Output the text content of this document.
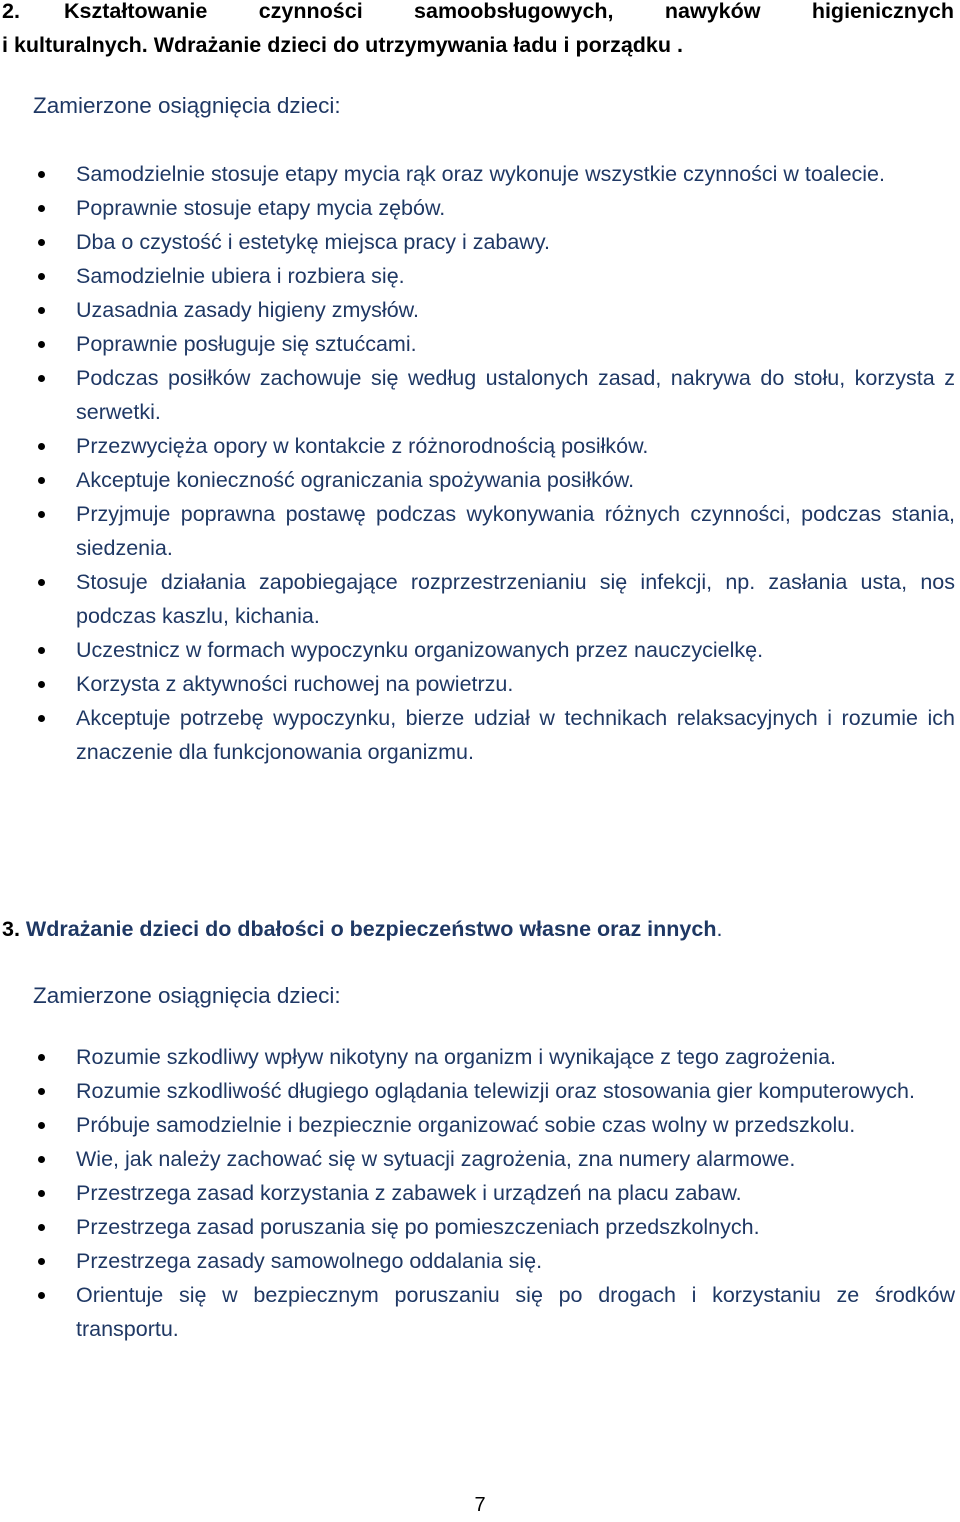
2. Kształtowanie czynności samoobsługowych, nawyków higienicznych
i kulturalnych. Wdrażanie dzieci do utrzymywania ładu i porządku .
Zamierzone osiągnięcia dzieci:
Samodzielnie stosuje etapy mycia rąk oraz wykonuje wszystkie czynności w toalecie.
Poprawnie stosuje etapy mycia zębów.
Dba o czystość i estetykę miejsca pracy i zabawy.
Samodzielnie ubiera i rozbiera się.
Uzasadnia zasady higieny zmysłów.
Poprawnie posługuje się sztućcami.
Podczas posiłków zachowuje się według ustalonych zasad, nakrywa do stołu, korzysta z serwetki.
Przezwycięża opory w kontakcie z różnorodnością posiłków.
Akceptuje konieczność ograniczania spożywania posiłków.
Przyjmuje poprawna postawę podczas wykonywania różnych czynności, podczas stania, siedzenia.
Stosuje działania zapobiegające rozprzestrzenianiu się infekcji, np. zasłania usta, nos podczas kaszlu, kichania.
Uczestnicz w formach wypoczynku organizowanych przez nauczycielkę.
Korzysta z aktywności ruchowej na powietrzu.
Akceptuje potrzebę wypoczynku, bierze udział w technikach relaksacyjnych i rozumie ich znaczenie dla funkcjonowania organizmu.
3. Wdrażanie dzieci do dbałości o bezpieczeństwo własne oraz innych.
Zamierzone osiągnięcia dzieci:
Rozumie szkodliwy wpływ nikotyny na organizm i wynikające z tego zagrożenia.
Rozumie szkodliwość długiego oglądania telewizji oraz stosowania gier komputerowych.
Próbuje samodzielnie i bezpiecznie organizować sobie czas wolny w przedszkolu.
Wie, jak należy zachować się w sytuacji zagrożenia, zna numery alarmowe.
Przestrzega zasad korzystania z zabawek i urządzeń na placu zabaw.
Przestrzega zasad poruszania się po pomieszczeniach przedszkolnych.
Przestrzega zasady samowolnego oddalania się.
Orientuje się w bezpiecznym poruszaniu się po drogach i korzystaniu ze środków transportu.
7
